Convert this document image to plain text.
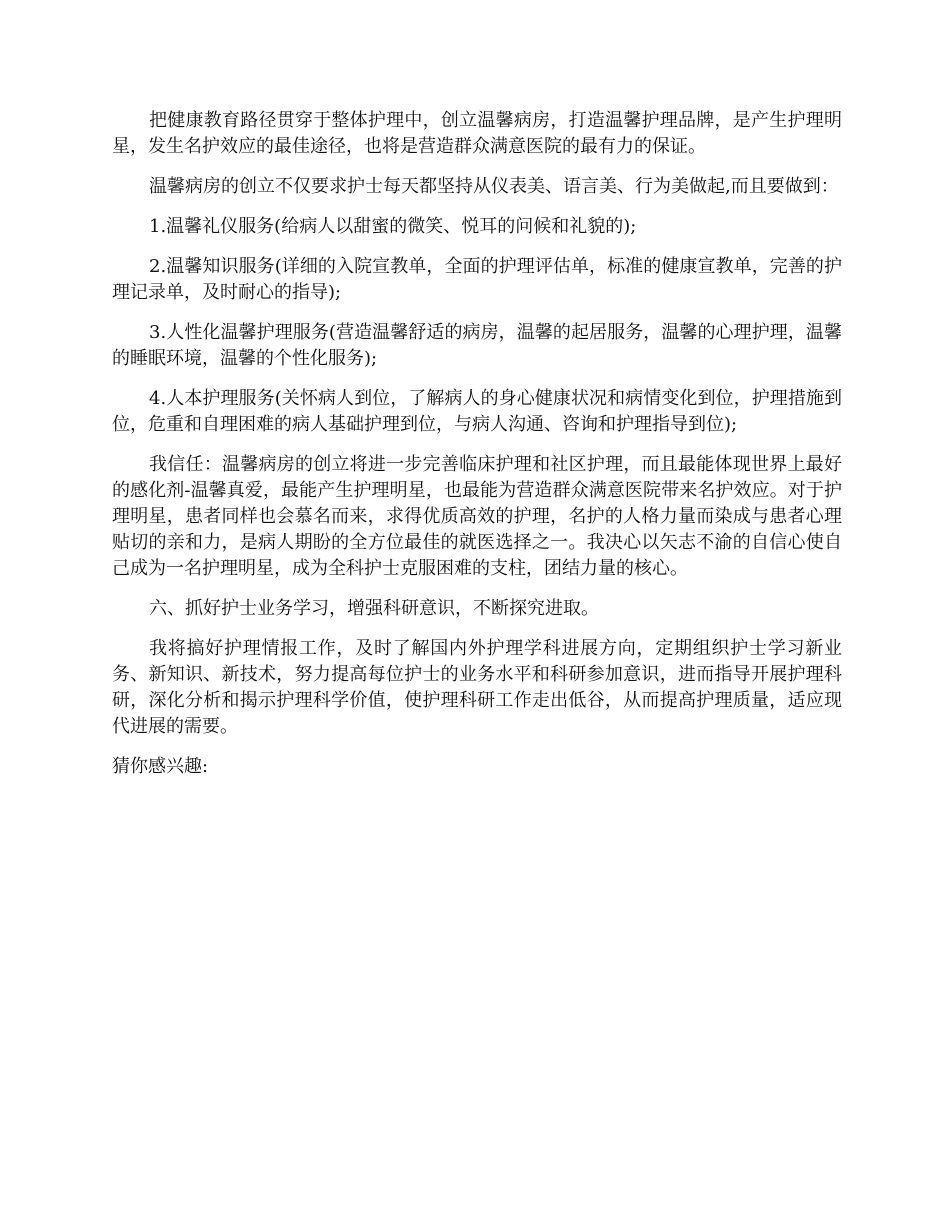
把健康教育路径贯穿于整体护理中，创立温馨病房，打造温馨护理品牌，是产生护理明星，发生名护效应的最佳途径，也将是营造群众满意医院的最有力的保证。

温馨病房的创立不仅要求护士每天都坚持从仪表美、语言美、行为美做起,而且要做到：

1.温馨礼仪服务(给病人以甜蜜的微笑、悦耳的问候和礼貌的);

2.温馨知识服务(详细的入院宣教单，全面的护理评估单，标准的健康宣教单，完善的护理记录单，及时耐心的指导);

3.人性化温馨护理服务(营造温馨舒适的病房，温馨的起居服务，温馨的心理护理，温馨的睡眠环境，温馨的个性化服务);

4.人本护理服务(关怀病人到位，了解病人的身心健康状况和病情变化到位，护理措施到位，危重和自理困难的病人基础护理到位，与病人沟通、咨询和护理指导到位);

我信任：温馨病房的创立将进一步完善临床护理和社区护理，而且最能体现世界上最好的感化剂-温馨真爱，最能产生护理明星，也最能为营造群众满意医院带来名护效应。对于护理明星，患者同样也会慕名而来，求得优质高效的护理，名护的人格力量而染成与患者心理贴切的亲和力，是病人期盼的全方位最佳的就医选择之一。我决心以矢志不渝的自信心使自己成为一名护理明星，成为全科护士克服困难的支柱，团结力量的核心。

六、抓好护士业务学习，增强科研意识，不断探究进取。

我将搞好护理情报工作，及时了解国内外护理学科进展方向，定期组织护士学习新业务、新知识、新技术，努力提高每位护士的业务水平和科研参加意识，进而指导开展护理科研，深化分析和揭示护理科学价值，使护理科研工作走出低谷，从而提高护理质量，适应现代进展的需要。

猜你感兴趣:
